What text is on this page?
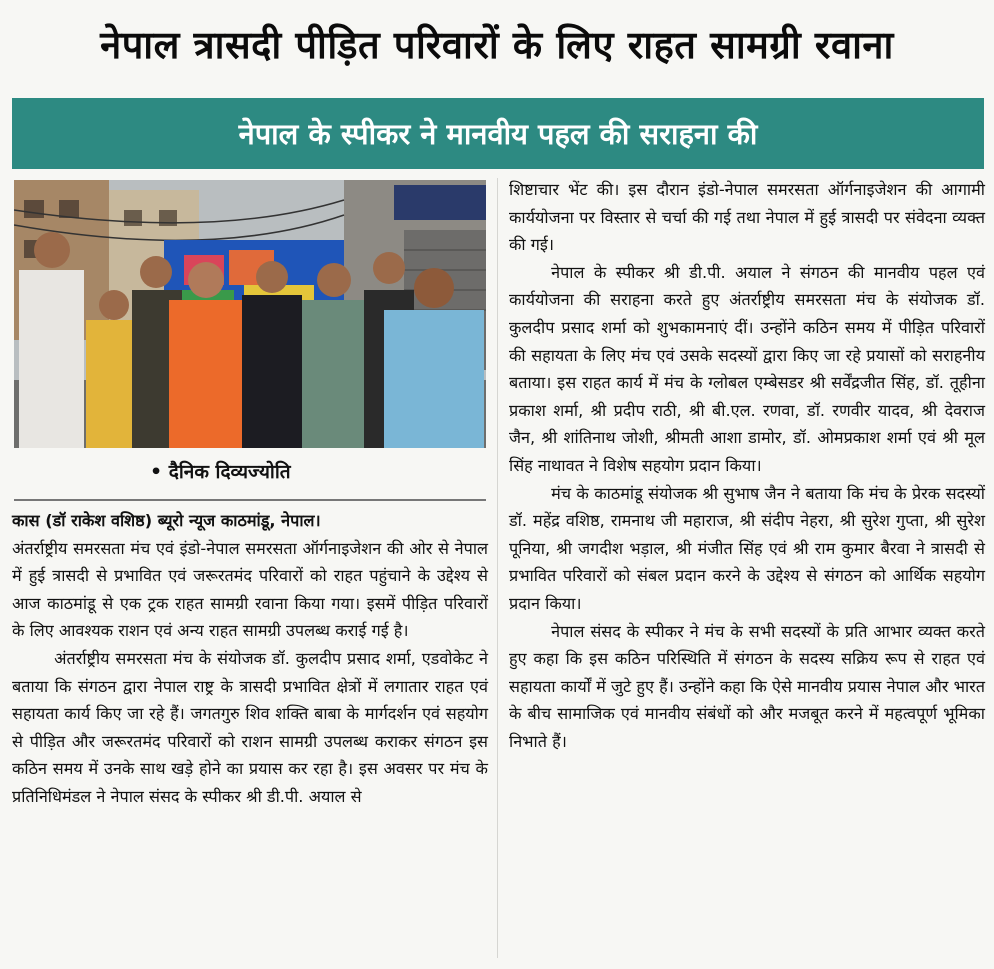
नेपाल त्रासदी पीड़ित परिवारों के लिए राहत सामग्री रवाना
नेपाल के स्पीकर ने मानवीय पहल की सराहना की
• दैनिक दिव्यज्योति

कास (डॉ राकेश वशिष्ठ) ब्यूरो न्यूज काठमांडू, नेपाल।

अंतर्राष्ट्रीय समरसता मंच एवं इंडो-नेपाल समरसता ऑर्गनाइजेशन की ओर से नेपाल में हुई त्रासदी से प्रभावित एवं जरूरतमंद परिवारों को राहत पहुंचाने के उद्देश्य से आज काठमांडू से एक ट्रक राहत सामग्री रवाना किया गया। इसमें पीड़ित परिवारों के लिए आवश्यक राशन एवं अन्य राहत सामग्री उपलब्ध कराई गई है।

अंतर्राष्ट्रीय समरसता मंच के संयोजक डॉ. कुलदीप प्रसाद शर्मा, एडवोकेट ने बताया कि संगठन द्वारा नेपाल राष्ट्र के त्रासदी प्रभावित क्षेत्रों में लगातार राहत एवं सहायता कार्य किए जा रहे हैं। जगतगुरु शिव शक्ति बाबा के मार्गदर्शन एवं सहयोग से पीड़ित और जरूरतमंद परिवारों को राशन सामग्री उपलब्ध कराकर संगठन इस कठिन समय में उनके साथ खड़े होने का प्रयास कर रहा है। इस अवसर पर मंच के प्रतिनिधिमंडल ने नेपाल संसद के स्पीकर श्री डी.पी. अयाल से

शिष्टाचार भेंट की। इस दौरान इंडो-नेपाल समरसता ऑर्गनाइजेशन की आगामी कार्ययोजना पर विस्तार से चर्चा की गई तथा नेपाल में हुई त्रासदी पर संवेदना व्यक्त की गई।

नेपाल के स्पीकर श्री डी.पी. अयाल ने संगठन की मानवीय पहल एवं कार्ययोजना की सराहना करते हुए अंतर्राष्ट्रीय समरसता मंच के संयोजक डॉ. कुलदीप प्रसाद शर्मा को शुभकामनाएं दीं। उन्होंने कठिन समय में पीड़ित परिवारों की सहायता के लिए मंच एवं उसके सदस्यों द्वारा किए जा रहे प्रयासों को सराहनीय बताया। इस राहत कार्य में मंच के ग्लोबल एम्बेसडर श्री सर्वेंद्रजीत सिंह, डॉ. तूहीना प्रकाश शर्मा, श्री प्रदीप राठी, श्री बी.एल. रणवा, डॉ. रणवीर यादव, श्री देवराज जैन, श्री शांतिनाथ जोशी, श्रीमती आशा डामोर, डॉ. ओमप्रकाश शर्मा एवं श्री मूल सिंह नाथावत ने विशेष सहयोग प्रदान किया।

मंच के काठमांडू संयोजक श्री सुभाष जैन ने बताया कि मंच के प्रेरक सदस्यों डॉ. महेंद्र वशिष्ठ, रामनाथ जी महाराज, श्री संदीप नेहरा, श्री सुरेश गुप्ता, श्री सुरेश पूनिया, श्री जगदीश भड़ाल, श्री मंजीत सिंह एवं श्री राम कुमार बैरवा ने त्रासदी से प्रभावित परिवारों को संबल प्रदान करने के उद्देश्य से संगठन को आर्थिक सहयोग प्रदान किया।

नेपाल संसद के स्पीकर ने मंच के सभी सदस्यों के प्रति आभार व्यक्त करते हुए कहा कि इस कठिन परिस्थिति में संगठन के सदस्य सक्रिय रूप से राहत एवं सहायता कार्यों में जुटे हुए हैं। उन्होंने कहा कि ऐसे मानवीय प्रयास नेपाल और भारत के बीच सामाजिक एवं मानवीय संबंधों को और मजबूत करने में महत्वपूर्ण भूमिका निभाते हैं।
